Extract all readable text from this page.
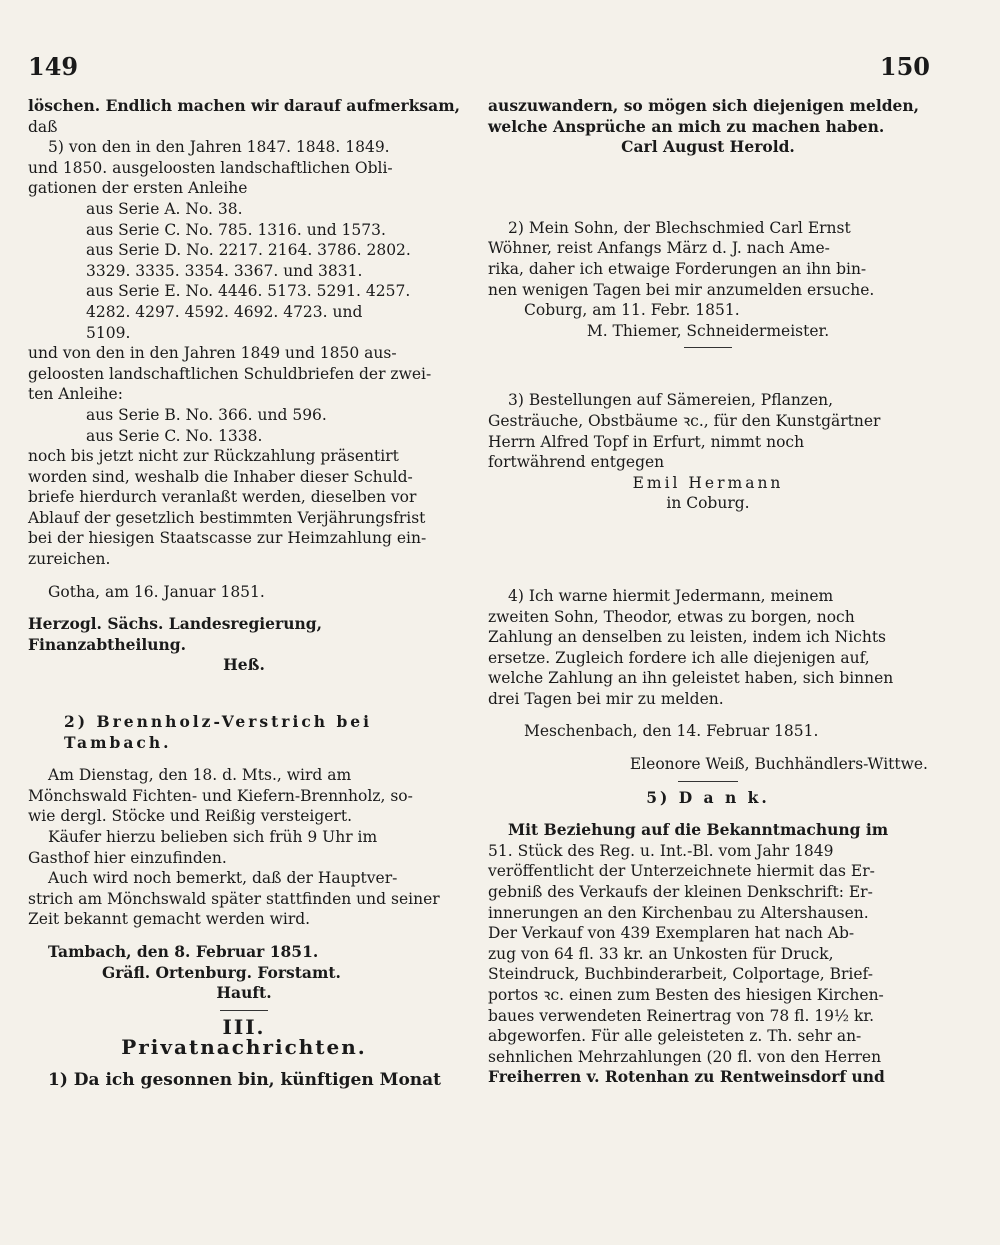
149	150

löschen. Endlich machen wir darauf aufmerksam,

daß

5) von den in den Jahren 1847. 1848. 1849.

und 1850. ausgeloosten landschaftlichen Obli-

gationen der ersten Anleihe

aus Serie A. No. 38.

aus Serie C. No. 785. 1316. und 1573.

aus Serie D. No. 2217. 2164. 3786. 2802.

3329. 3335. 3354. 3367. und 3831.

aus Serie E. No. 4446. 5173. 5291. 4257.

4282. 4297. 4592. 4692. 4723. und

5109.

und von den in den Jahren 1849 und 1850 aus-

geloosten landschaftlichen Schuldbriefen der zwei-

ten Anleihe:

aus Serie B. No. 366. und 596.

aus Serie C. No. 1338.

noch bis jetzt nicht zur Rückzahlung präsentirt

worden sind, weshalb die Inhaber dieser Schuld-

briefe hierdurch veranlaßt werden, dieselben vor

Ablauf der gesetzlich bestimmten Verjährungsfrist

bei der hiesigen Staatscasse zur Heimzahlung ein-

zureichen.

Gotha, am 16. Januar 1851.

Herzogl. Sächs. Landesregierung, Finanzabtheilung.

Heß.

2) Brennholz-Verstrich bei Tambach.

Am Dienstag, den 18. d. Mts., wird am

Mönchswald Fichten- und Kiefern-Brennholz, so-

wie dergl. Stöcke und Reißig versteigert.

Käufer hierzu belieben sich früh 9 Uhr im

Gasthof hier einzufinden.

Auch wird noch bemerkt, daß der Hauptver-

strich am Mönchswald später stattfinden und seiner

Zeit bekannt gemacht werden wird.

Tambach, den 8. Februar 1851.

Gräfl. Ortenburg. Forstamt.

Hauft.

III.

Privatnachrichten.

1) Da ich gesonnen bin, künftigen Monat

auszuwandern, so mögen sich diejenigen melden,

welche Ansprüche an mich zu machen haben.

Carl August Herold.

2) Mein Sohn, der Blechschmied Carl Ernst

Wöhner, reist Anfangs März d. J. nach Ame-

rika, daher ich etwaige Forderungen an ihn bin-

nen wenigen Tagen bei mir anzumelden ersuche.

Coburg, am 11. Febr. 1851.

M. Thiemer, Schneidermeister.

3) Bestellungen auf Sämereien, Pflanzen,

Gesträuche, Obstbäume ꝛc., für den Kunstgärtner

Herrn Alfred Topf in Erfurt, nimmt noch

fortwährend entgegen

Emil Hermann

in Coburg.

4) Ich warne hiermit Jedermann, meinem

zweiten Sohn, Theodor, etwas zu borgen, noch

Zahlung an denselben zu leisten, indem ich Nichts

ersetze. Zugleich fordere ich alle diejenigen auf,

welche Zahlung an ihn geleistet haben, sich binnen

drei Tagen bei mir zu melden.

Meschenbach, den 14. Februar 1851.

Eleonore Weiß, Buchhändlers-Wittwe.

5) D a n k.

Mit Beziehung auf die Bekanntmachung im

51. Stück des Reg. u. Int.-Bl. vom Jahr 1849

veröffentlicht der Unterzeichnete hiermit das Er-

gebniß des Verkaufs der kleinen Denkschrift: Er-

innerungen an den Kirchenbau zu Altershausen.

Der Verkauf von 439 Exemplaren hat nach Ab-

zug von 64 fl. 33 kr. an Unkosten für Druck,

Steindruck, Buchbinderarbeit, Colportage, Brief-

portos ꝛc. einen zum Besten des hiesigen Kirchen-

baues verwendeten Reinertrag von 78 fl. 19½ kr.

abgeworfen. Für alle geleisteten z. Th. sehr an-

sehnlichen Mehrzahlungen (20 fl. von den Herren

Freiherren v. Rotenhan zu Rentweinsdorf und
